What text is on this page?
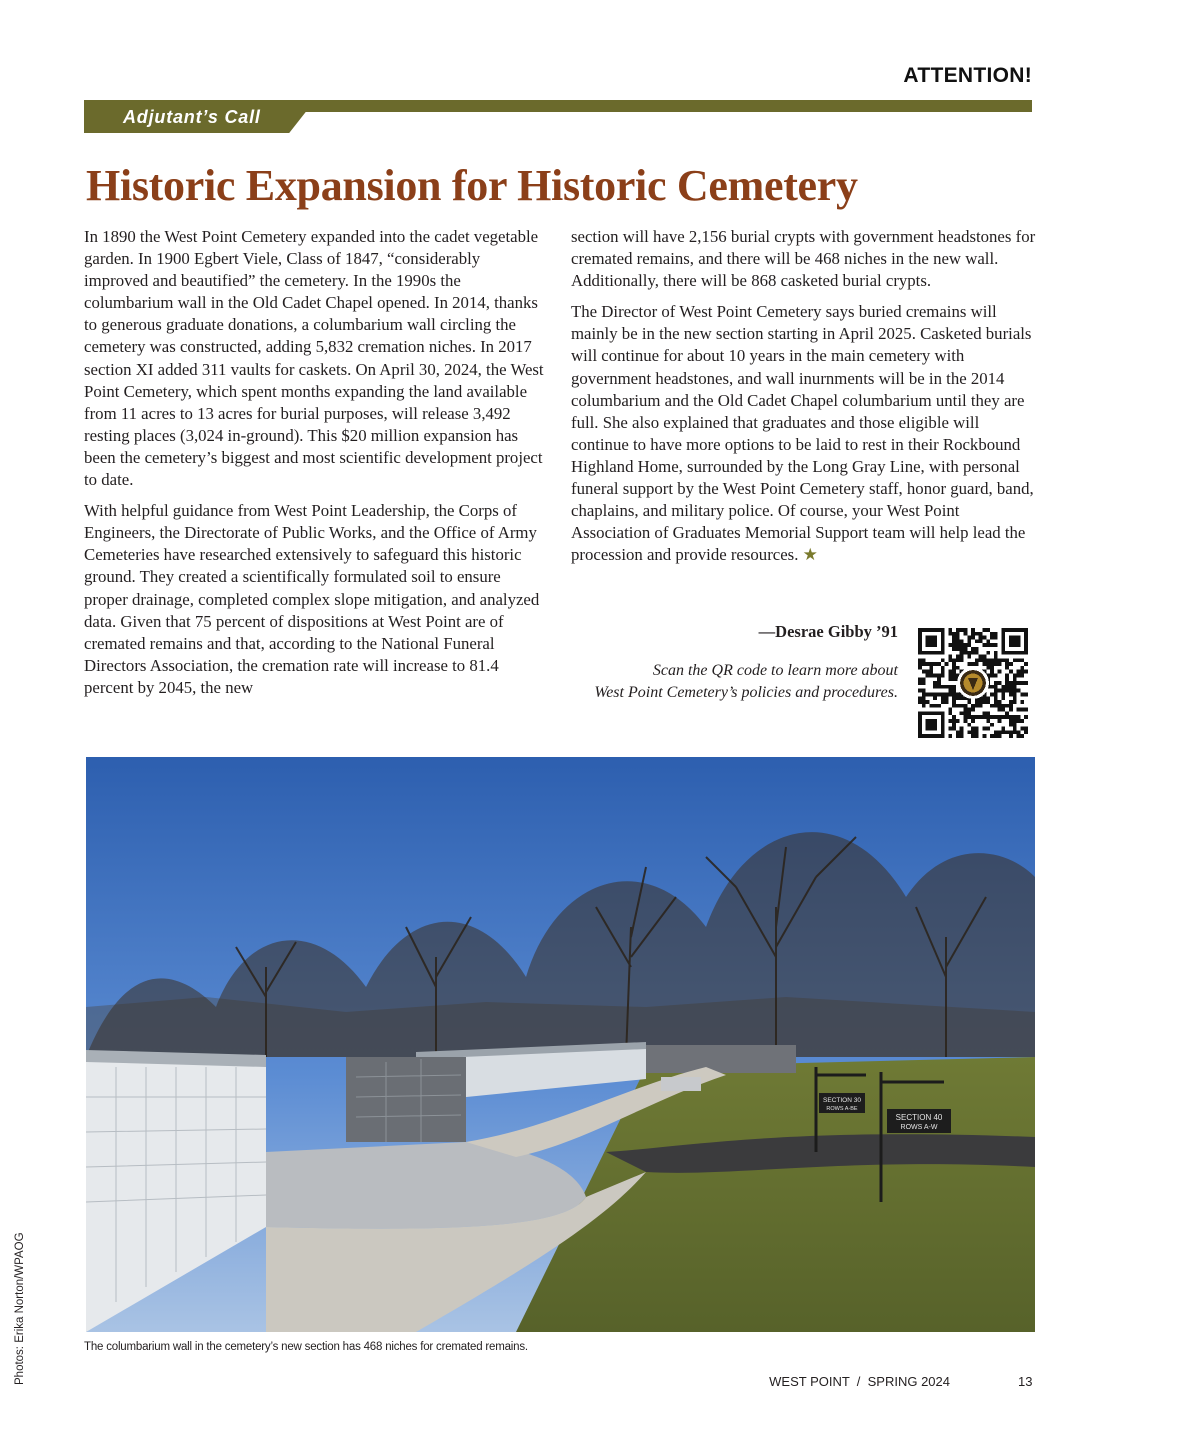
ATTENTION!
Adjutant’s Call
Historic Expansion for Historic Cemetery

In 1890 the West Point Cemetery expanded into the cadet vegetable garden. In 1900 Egbert Viele, Class of 1847, “considerably improved and beautified” the cemetery. In the 1990s the columbarium wall in the Old Cadet Chapel opened. In 2014, thanks to generous graduate donations, a columbarium wall circling the cemetery was constructed, adding 5,832 cremation niches. In 2017 section XI added 311 vaults for caskets. On April 30, 2024, the West Point Cemetery, which spent months expanding the land available from 11 acres to 13 acres for burial purposes, will release 3,492 resting places (3,024 in-ground). This $20 million expansion has been the cemetery’s biggest and most scientific development project to date.

With helpful guidance from West Point Leadership, the Corps of Engineers, the Directorate of Public Works, and the Office of Army Cemeteries have researched extensively to safeguard this historic ground. They created a scientifically formulated soil to ensure proper drainage, completed complex slope mitigation, and analyzed data. Given that 75 percent of dispositions at West Point are of cremated remains and that, according to the National Funeral Directors Association, the cremation rate will increase to 81.4 percent by 2045, the new

section will have 2,156 burial crypts with government headstones for cremated remains, and there will be 468 niches in the new wall. Additionally, there will be 868 casketed burial crypts.

The Director of West Point Cemetery says buried cremains will mainly be in the new section starting in April 2025. Casketed burials will continue for about 10 years in the main cemetery with government headstones, and wall inurnments will be in the 2014 columbarium and the Old Cadet Chapel columbarium until they are full. She also explained that graduates and those eligible will continue to have more options to be laid to rest in their Rockbound Highland Home, surrounded by the Long Gray Line, with personal funeral support by the West Point Cemetery staff, honor guard, band, chaplains, and military police. Of course, your West Point Association of Graduates Memorial Support team will help lead the procession and provide resources. ★

—Desrae Gibby ’91
Scan the QR code to learn more about
West Point Cemetery’s policies and procedures.
SECTION 30
ROWS A-BE
SECTION 40
ROWS A-W
Photos: Erika Norton/WPAOG	The columbarium wall in the cemetery’s new section has 468 niches for cremated remains.
WEST POINT  /  SPRING 2024	13
